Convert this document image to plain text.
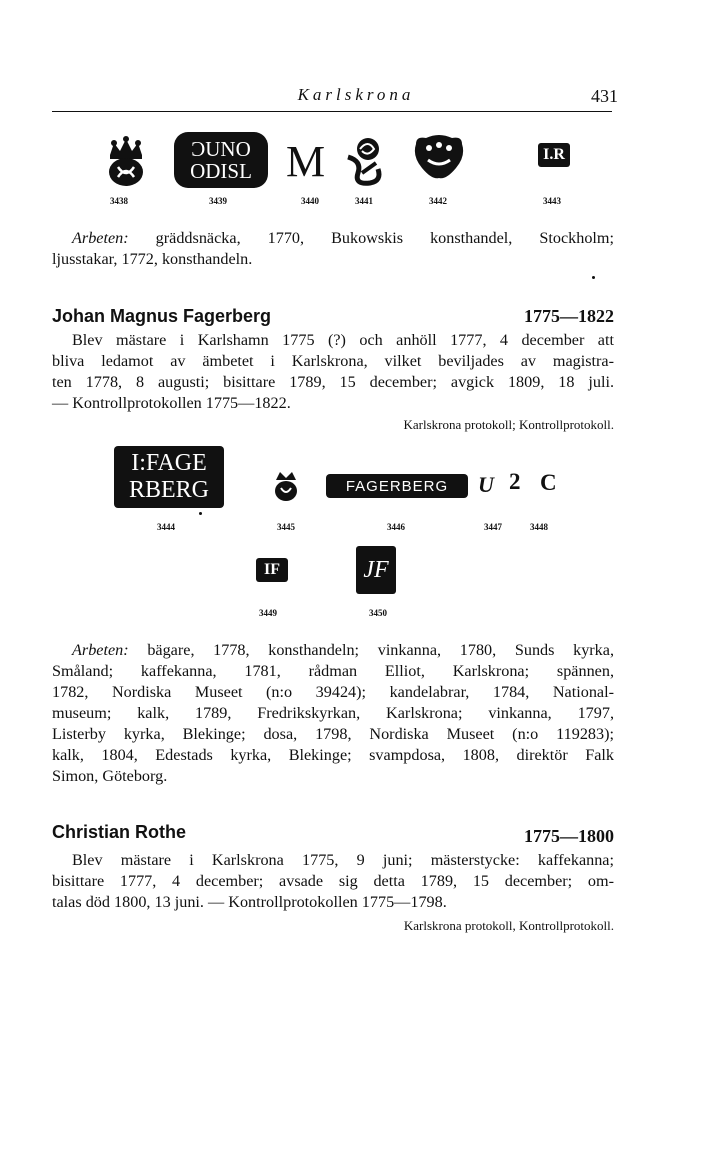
Karlskrona	431
ϽUNO ОDISL M	I.R
3438	3439	3440	3441	3442	3443
Arbeten: gräddsnäcka, 1770, Bukowskis konsthandel, Stockholm;
ljusstakar, 1772, konsthandeln.
Johan Magnus Fagerberg	1775—1822
Blev mästare i Karlshamn 1775 (?) och anhöll 1777, 4 december att
bliva ledamot av ämbetet i Karlskrona, vilket beviljades av magistra-
ten 1778, 8 augusti; bisittare 1789, 15 december; avgick 1809, 18 juli.
— Kontrollprotokollen 1775—1822.
Karlskrona protokoll; Kontrollprotokoll.
I:FAGE
RBERG	FAGERBERG	U 2 C
3444	3445	3446	3447	3448
IF	JF
3449	3450
Arbeten: bägare, 1778, konsthandeln; vinkanna, 1780, Sunds kyrka,
Småland; kaffekanna, 1781, rådman Elliot, Karlskrona; spännen,
1782, Nordiska Museet (n:o 39424); kandelabrar, 1784, National-
museum; kalk, 1789, Fredrikskyrkan, Karlskrona; vinkanna, 1797,
Listerby kyrka, Blekinge; dosa, 1798, Nordiska Museet (n:o 119283);
kalk, 1804, Edestads kyrka, Blekinge; svampdosa, 1808, direktör Falk
Simon, Göteborg.
Christian Rothe	1775—1800
Blev mästare i Karlskrona 1775, 9 juni; mästerstycke: kaffekanna;
bisittare 1777, 4 december; avsade sig detta 1789, 15 december; om-
talas död 1800, 13 juni. — Kontrollprotokollen 1775—1798.
Karlskrona protokoll, Kontrollprotokoll.
